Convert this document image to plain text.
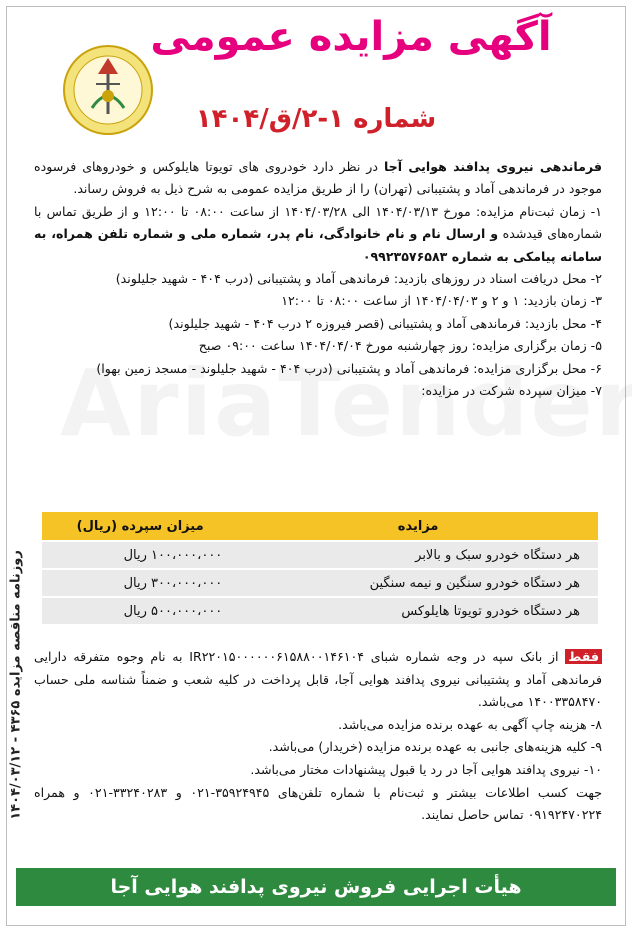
آگهی مزایده عمومی
شماره ۱-۲/ق/۱۴۰۴

فرماندهی نیروی پدافند هوایی آجا در نظر دارد خودروی های تویوتا هایلوکس و خودروهای فرسوده موجود در فرماندهی آماد و پشتیبانی (تهران) را از طریق مزایده عمومی به شرح ذیل به فروش رساند.

۱- زمان ثبت‌نام مزایده: مورخ ۱۴۰۴/۰۳/۱۳ الی ۱۴۰۴/۰۳/۲۸ از ساعت ۰۸:۰۰ تا ۱۲:۰۰ و از طریق تماس با شماره‌های قیدشده و ارسال نام و نام خانوادگی، نام پدر، شماره ملی و شماره تلفن همراه، به سامانه پیامکی به شماره ۰۹۹۲۳۵۷۶۵۸۳

۲- محل دریافت اسناد در روزهای بازدید: فرماندهی آماد و پشتیبانی (درب ۴۰۴ - شهید جلیلوند)

۳- زمان بازدید: ۱ و ۲ و ۱۴۰۴/۰۴/۰۳ از ساعت ۰۸:۰۰ تا ۱۲:۰۰

۴- محل بازدید: فرماندهی آماد و پشتیبانی (قصر فیروزه ۲ درب ۴۰۴ - شهید جلیلوند)

۵- زمان برگزاری مزایده: روز چهارشنبه مورخ ۱۴۰۴/۰۴/۰۴ ساعت ۰۹:۰۰ صبح

۶- محل برگزاری مزایده: فرماندهی آماد و پشتیبانی (درب ۴۰۴ - شهید جلیلوند - مسجد زمین بهوا)

۷- میزان سپرده شرکت در مزایده:

مزایده	میزان سپرده (ریال)
هر دستگاه خودرو سبک و بالابر	۱۰۰،۰۰۰،۰۰۰ ریال
هر دستگاه خودرو سنگین و نیمه سنگین	۳۰۰،۰۰۰،۰۰۰ ریال
هر دستگاه خودرو تویوتا هایلوکس	۵۰۰،۰۰۰،۰۰۰ ریال

فقط از بانک سپه در وجه شماره شبای IR۲۲۰۱۵۰۰۰۰۰۰۶۱۵۸۸۰۰۱۴۶۱۰۴ به نام وجوه متفرقه دارایی فرماندهی آماد و پشتیبانی نیروی پدافند هوایی آجا، قابل پرداخت در کلیه شعب و ضمناً شناسه ملی حساب ۱۴۰۰۳۳۵۸۴۷۰ می‌باشد.

۸- هزینه چاپ آگهی به عهده برنده مزایده می‌باشد.

۹- کلیه هزینه‌های جانبی به عهده برنده مزایده (خریدار) می‌باشد.

۱۰- نیروی پدافند هوایی آجا در رد یا قبول پیشنهادات مختار می‌باشد.

جهت کسب اطلاعات بیشتر و ثبت‌نام با شماره تلفن‌های ۳۵۹۲۴۹۴۵-۰۲۱ و ۳۳۲۴۰۲۸۳-۰۲۱ و همراه ۰۹۱۹۲۴۷۰۲۲۴ تماس حاصل نمایند.

روزنامه مناقصه مزایده ۴۳۶۵ - ۱۴۰۴/۰۳/۱۲
هیأت اجرایی فروش نیروی پدافند هوایی آجا
